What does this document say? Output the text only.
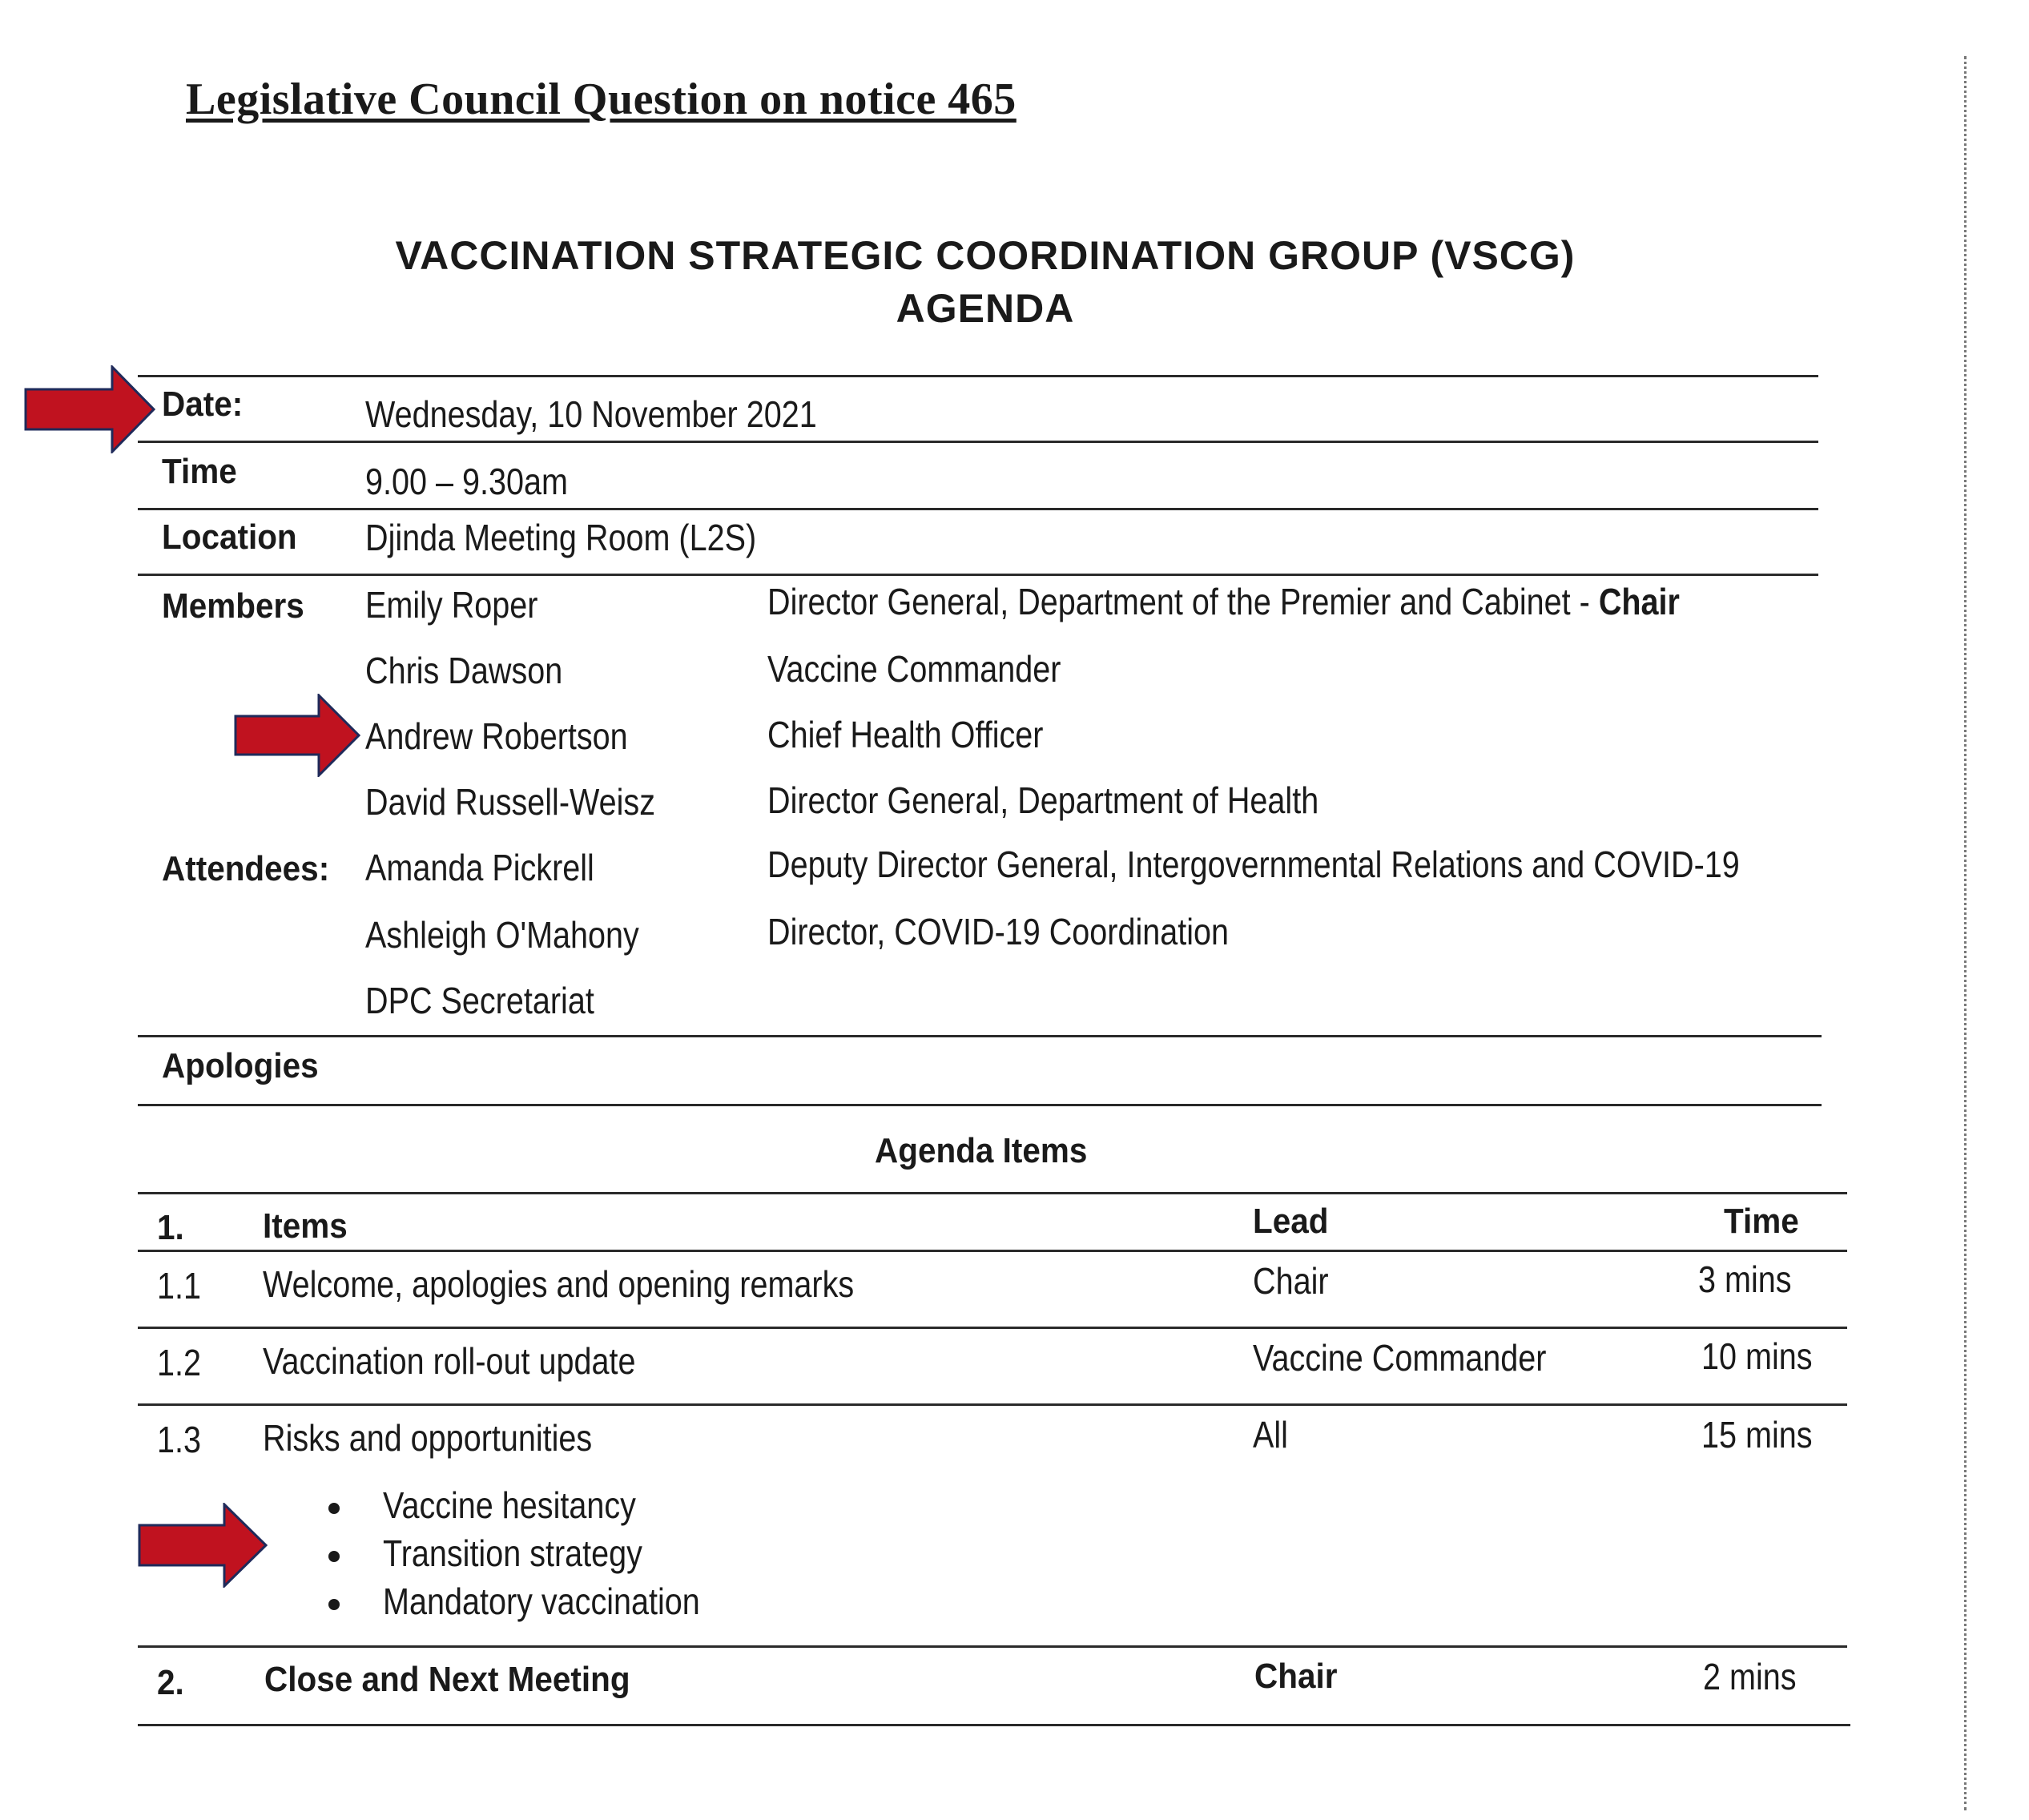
Legislative Council Question on notice 465
VACCINATION STRATEGIC COORDINATION GROUP (VSCG)
AGENDA
Date:	Wednesday, 10 November 2021
Time	9.00 – 9.30am
Location Djinda Meeting Room (L2S)
Members Emily Roper	Director General, Department of the Premier and Cabinet - Chair
Chris Dawson	Vaccine Commander
Andrew Robertson	Chief Health Officer
David Russell-Weisz	Director General, Department of Health
Attendees: Amanda Pickrell	Deputy Director General, Intergovernmental Relations and COVID-19
Ashleigh O'Mahony	Director, COVID-19 Coordination
DPC Secretariat
Apologies
Agenda Items
1. Items	Lead	Time
1.1 Welcome, apologies and opening remarks	Chair	3 mins
1.2 Vaccination roll-out update	Vaccine Commander	10 mins
1.3 Risks and opportunities	All	15 mins
Vaccine hesitancy
Transition strategy
Mandatory vaccination
2. Close and Next Meeting	Chair	2 mins
